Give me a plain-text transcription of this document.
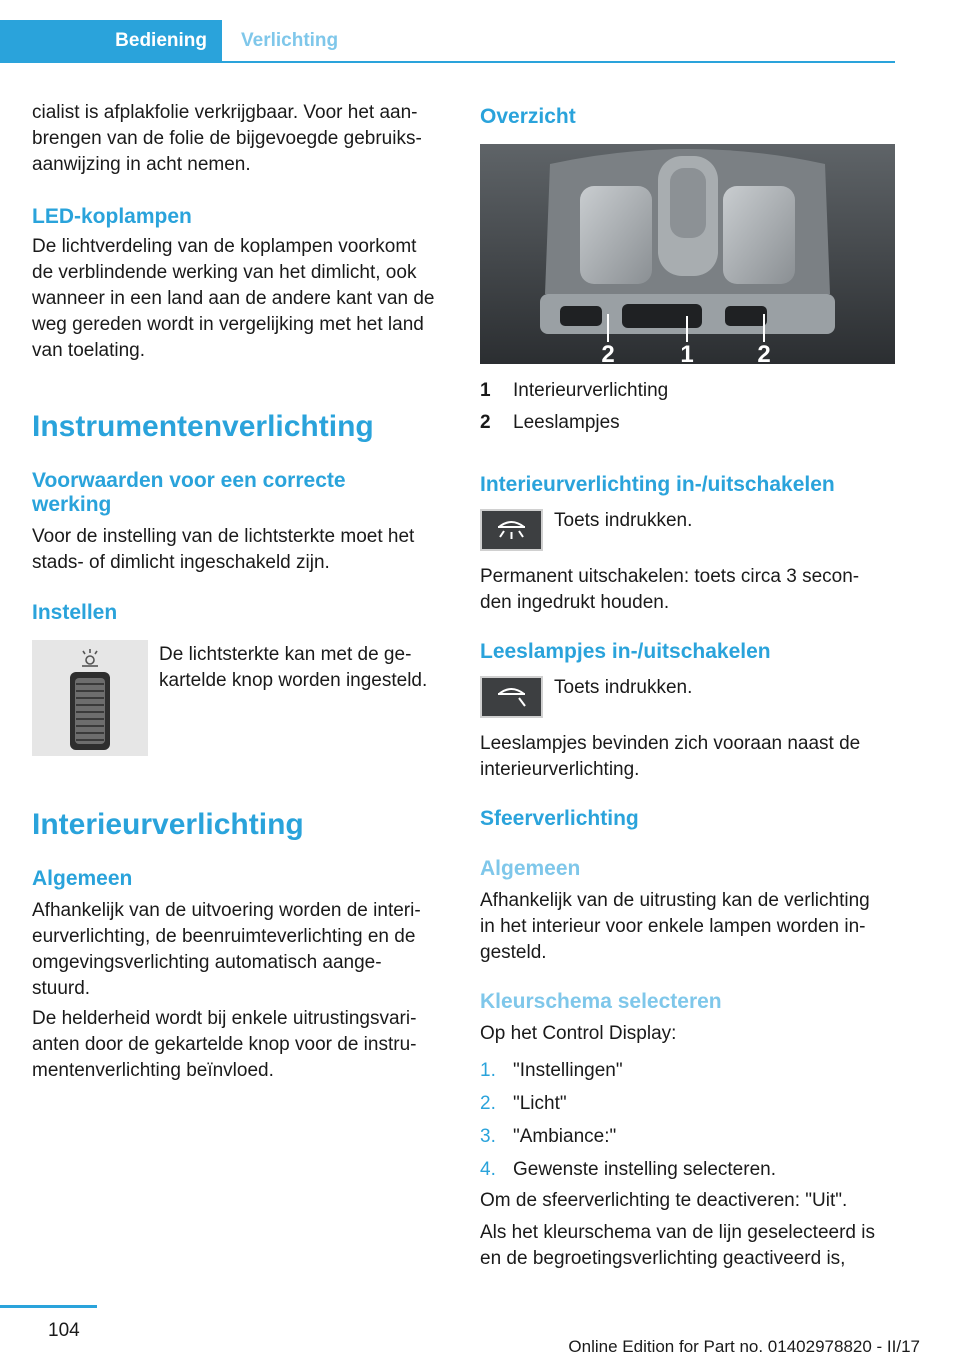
Bediening	Verlichting

cialist is afplakfolie verkrijgbaar. Voor het aan-

brengen van de folie de bijgevoegde gebruiks-

aanwijzing in acht nemen.

LED-koplampen

De lichtverdeling van de koplampen voorkomt

de verblindende werking van het dimlicht, ook

wanneer in een land aan de andere kant van de

weg gereden wordt in vergelijking met het land

van toelating.

Instrumentenverlichting
Voorwaarden voor een correcte
werking

Voor de instelling van de lichtsterkte moet het

stads- of dimlicht ingeschakeld zijn.

Instellen

De lichtsterkte kan met de ge-

kartelde knop worden ingesteld.

Interieurverlichting
Algemeen

Afhankelijk van de uitvoering worden de interi-

eurverlichting, de beenruimteverlichting en de

omgevingsverlichting automatisch aange-

stuurd.

De helderheid wordt bij enkele uitrustingsvari-

anten door de gekartelde knop voor de instru-

mentenverlichting beïnvloed.

Overzicht
2	1	2
1 Interieurverlichting
2 Leeslampjes
Interieurverlichting in-/uitschakelen

Toets indrukken.

Permanent uitschakelen: toets circa 3 secon-

den ingedrukt houden.

Leeslampjes in-/uitschakelen

Toets indrukken.

Leeslampjes bevinden zich vooraan naast de

interieurverlichting.

Sfeerverlichting
Algemeen

Afhankelijk van de uitrusting kan de verlichting

in het interieur voor enkele lampen worden in-

gesteld.

Kleurschema selecteren

Op het Control Display:

1. "Instellingen"
2. "Licht"
3. "Ambiance:"
4. Gewenste instelling selecteren.

Om de sfeerverlichting te deactiveren: "Uit".

Als het kleurschema van de lijn geselecteerd is

en de begroetingsverlichting geactiveerd is,

104
Online Edition for Part no. 01402978820 - II/17
